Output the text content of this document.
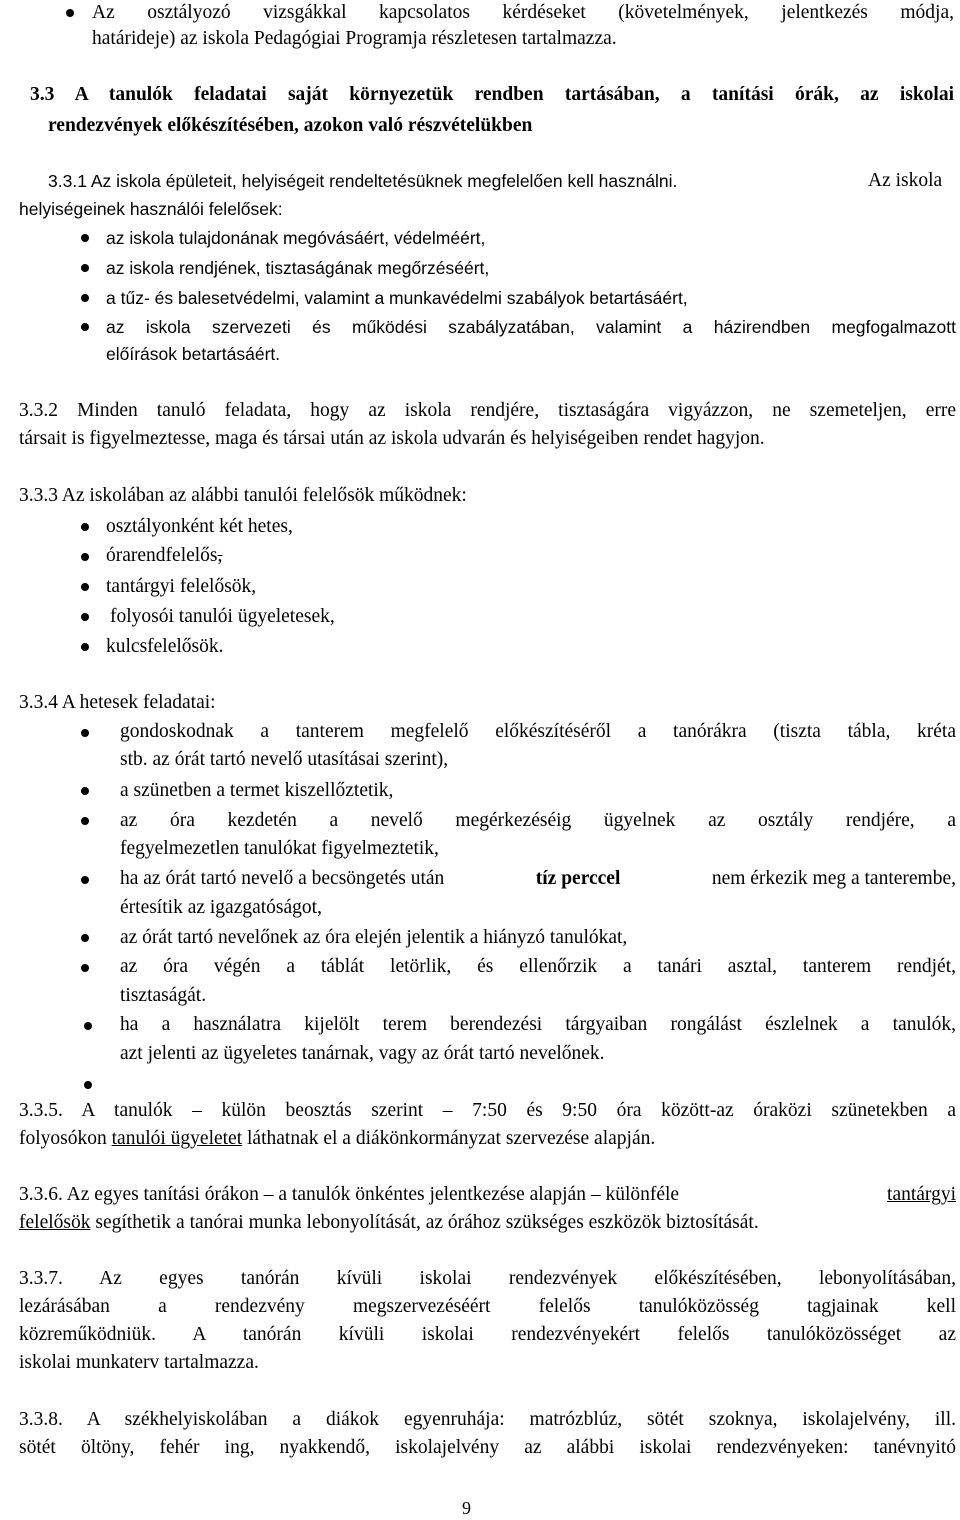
Az osztályozó vizsgákkal kapcsolatos kérdéseket (követelmények, jelentkezés módja,
határideje) az iskola Pedagógiai Programja részletesen tartalmazza.
3.3 A tanulók feladatai saját környezetük rendben tartásában, a tanítási órák, az iskolai
rendezvények előkészítésében, azokon való részvételükben
3.3.1 Az iskola épületeit, helyiségeit rendeltetésüknek megfelelően kell használni.	Az iskola
helyiségeinek használói felelősek:
az iskola tulajdonának megóvásáért, védelméért,
az iskola rendjének, tisztaságának megőrzéséért,
a tűz- és balesetvédelmi, valamint a munkavédelmi szabályok betartásáért,
az iskola szervezeti és működési szabályzatában, valamint a házirendben megfogalmazott
előírások betartásáért.
3.3.2 Minden tanuló feladata, hogy az iskola rendjére, tisztaságára vigyázzon, ne szemeteljen, erre
társait is figyelmeztesse, maga és társai után az iskola udvarán és helyiségeiben rendet hagyjon.
3.3.3 Az iskolában az alábbi tanulói felelősök működnek:
osztályonként két hetes,
órarendfelelős,
tantárgyi felelősök,
folyosói tanulói ügyeletesek,
kulcsfelelősök.
3.3.4 A hetesek feladatai:
gondoskodnak a tanterem megfelelő előkészítéséről a tanórákra (tiszta tábla, kréta
stb. az órát tartó nevelő utasításai szerint),
a szünetben a termet kiszellőztetik,
az óra kezdetén a nevelő megérkezéséig ügyelnek az osztály rendjére, a
fegyelmezetlen tanulókat figyelmeztetik,
ha az órát tartó nevelő a becsöngetés után	tíz perccel	nem érkezik meg a tanterembe,
értesítik az igazgatóságot,
az órát tartó nevelőnek az óra elején jelentik a hiányzó tanulókat,
az óra végén a táblát letörlik, és ellenőrzik a tanári asztal, tanterem rendjét,
tisztaságát.
ha a használatra kijelölt terem berendezési tárgyaiban rongálást észlelnek a tanulók,
azt jelenti az ügyeletes tanárnak, vagy az órát tartó nevelőnek.
3.3.5. A tanulók – külön beosztás szerint – 7:50 és 9:50 óra között-az óraközi szünetekben a
folyosókon tanulói ügyeletet láthatnak el a diákönkormányzat szervezése alapján.
3.3.6. Az egyes tanítási órákon – a tanulók önkéntes jelentkezése alapján – különféle	tantárgyi
felelősök segíthetik a tanórai munka lebonyolítását, az órához szükséges eszközök biztosítását.
3.3.7. Az egyes tanórán kívüli iskolai rendezvények előkészítésében, lebonyolításában,
lezárásában a rendezvény megszervezéséért felelős tanulóközösség tagjainak kell
közreműködniük. A tanórán kívüli iskolai rendezvényekért felelős tanulóközösséget az
iskolai munkaterv tartalmazza.
3.3.8. A székhelyiskolában a diákok egyenruhája: matrózblúz, sötét szoknya, iskolajelvény, ill.
sötét öltöny, fehér ing, nyakkendő, iskolajelvény az alábbi iskolai rendezvényeken: tanévnyitó
9
